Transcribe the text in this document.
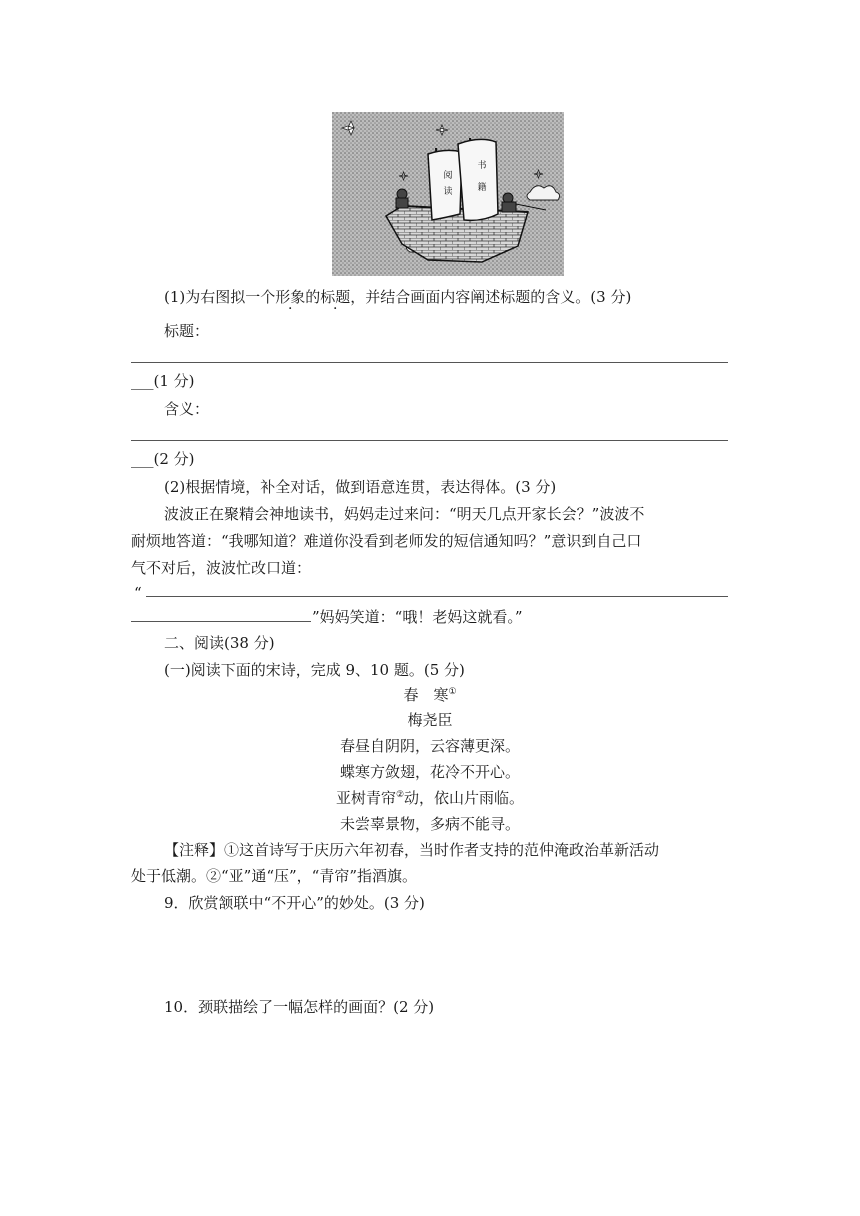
阅读
书籍
(1)为右图拟一个形象的标题，并结合画面内容阐述标题的含义。(3 分)
标题：
___(1 分)
含义：
___(2 分)
(2)根据情境，补全对话，做到语意连贯，表达得体。(3 分)
波波正在聚精会神地读书，妈妈走过来问：“明天几点开家长会？”波波不
耐烦地答道：“我哪知道？难道你没看到老师发的短信通知吗？”意识到自己口
气不对后，波波忙改口道：
“
”妈妈笑道：“哦！老妈这就看。”
二、阅读(38 分)
(一)阅读下面的宋诗，完成 9、10 题。(5 分)
春　寒①
梅尧臣
春昼自阴阴，云容薄更深。
蝶寒方敛翅，花冷不开心。
亚树青帘②动，依山片雨临。
未尝辜景物，多病不能寻。
【注释】①这首诗写于庆历六年初春，当时作者支持的范仲淹政治革新活动
处于低潮。②“亚”通“压”，“青帘”指酒旗。
9．欣赏颔联中“不开心”的妙处。(3 分)
10．颈联描绘了一幅怎样的画面？(2 分)
